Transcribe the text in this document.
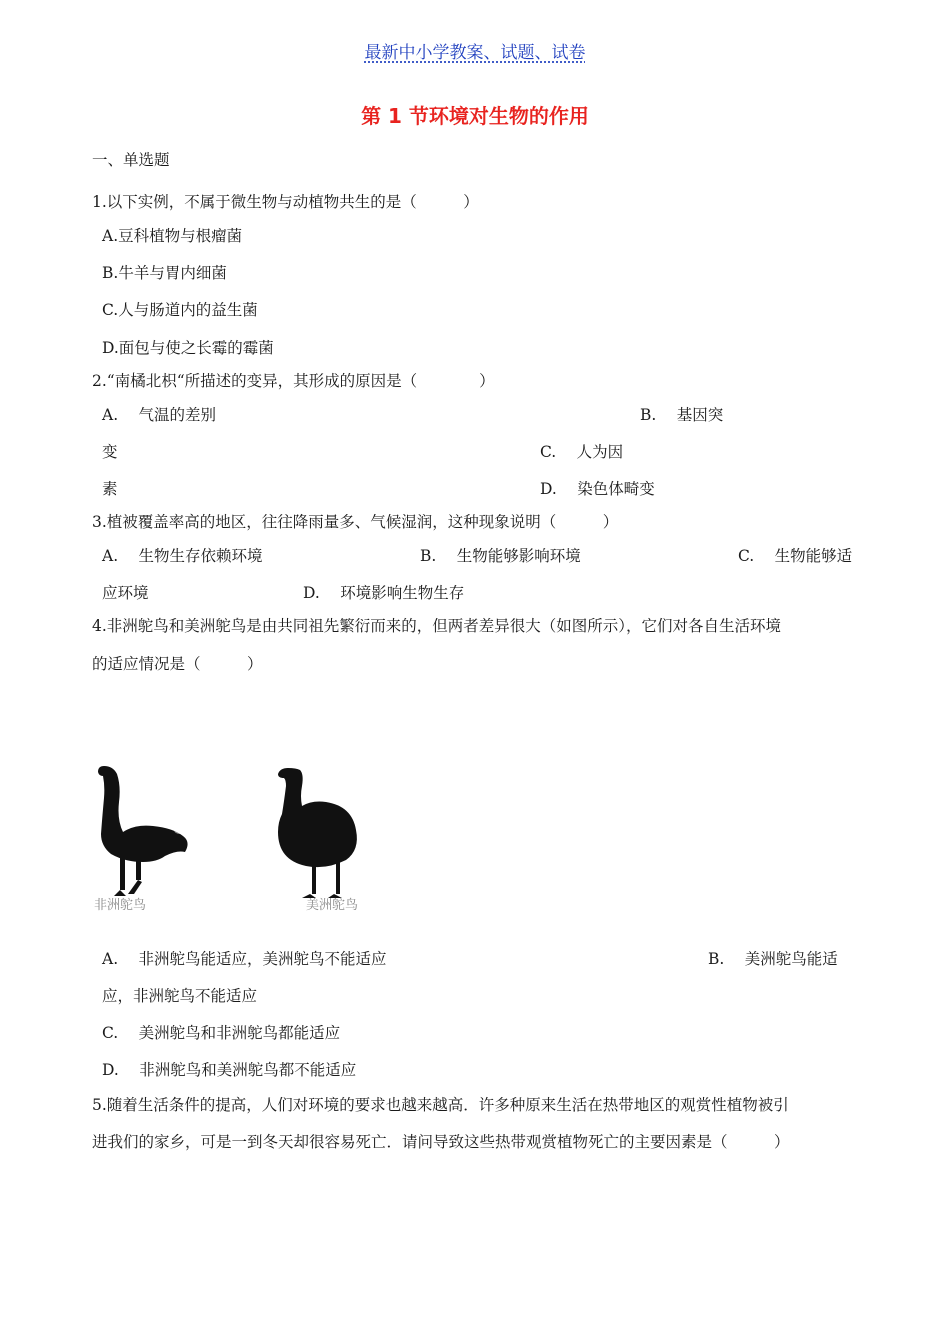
最新中小学教案、试题、试卷
第 1 节环境对生物的作用
一、单选题
1.以下实例，不属于微生物与动植物共生的是（　　　）
A.豆科植物与根瘤菌
B.牛羊与胃内细菌
C.人与肠道内的益生菌
D.面包与使之长霉的霉菌
2.“南橘北枳“所描述的变异，其形成的原因是（　　　　）
A.　 气温的差别	B.　 基因突
变	C.　 人为因
素	D.　 染色体畸变
3.植被覆盖率高的地区，往往降雨量多、气候湿润，这种现象说明（　　　）
A.　 生物生存依赖环境	B.　 生物能够影响环境	C.　 生物能够适
应环境	D.　 环境影响生物生存
4.非洲鸵鸟和美洲鸵鸟是由共同祖先繁衍而来的，但两者差异很大（如图所示），它们对各自生活环境
的适应情况是（　　　）
非洲鸵鸟	美洲鸵鸟
A.　 非洲鸵鸟能适应，美洲鸵鸟不能适应	B.　 美洲鸵鸟能适
应，非洲鸵鸟不能适应
C.　 美洲鸵鸟和非洲鸵鸟都能适应
D.　 非洲鸵鸟和美洲鸵鸟都不能适应
5.随着生活条件的提高，人们对环境的要求也越来越高．许多种原来生活在热带地区的观赏性植物被引
进我们的家乡，可是一到冬天却很容易死亡．请问导致这些热带观赏植物死亡的主要因素是（　　　）
